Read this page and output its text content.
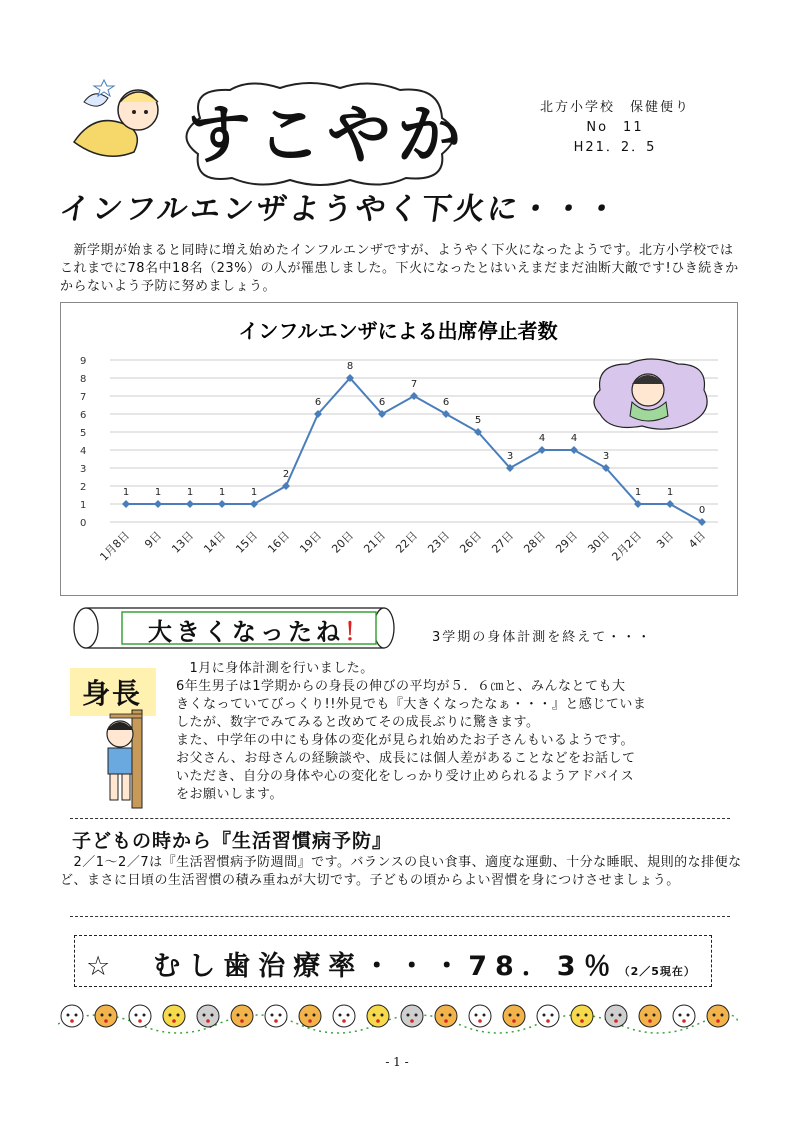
すこやか	北方小学校　保健便り
No　11
H21．2．5
インフルエンザようやく下火に・・・
　新学期が始まると同時に増え始めたインフルエンザですが、ようやく下火になったようです。北方小学校ではこれまでに78名中18名（23%）の人が罹患しました。下火になったとはいえまだまだ油断大敵です!ひき続きかからないよう予防に努めましょう。
インフルエンザによる出席停止者数
0
1
2
3
4
5
6
7
8
9
1	1	1	1	1
2
6
8
6
7
6
5
3
4	4
3
1	1
0
1月8日 9日 13日 14日 15日 16日 19日 20日 21日 22日 23日 26日 27日 28日 29日 30日
2月2日 3日 4日
大きくなったね！	3学期の身体計測を終えて・・・
身長
　1月に身体計測を行いました。
6年生男子は1学期からの身長の伸びの平均が５．６㎝と、みんなとても大
きくなっていてびっくり!!外見でも『大きくなったなぁ・・・』と感じていま
したが、数字でみてみると改めてその成長ぶりに驚きます。
また、中学年の中にも身体の変化が見られ始めたお子さんもいるようです。
お父さん、お母さんの経験談や、成長には個人差があることなどをお話して
いただき、自分の身体や心の変化をしっかり受け止められるようアドバイス
をお願いします。
子どもの時から『生活習慣病予防』
　2／1～2／7は『生活習慣病予防週間』です。バランスの良い食事、適度な運動、十分な睡眠、規則的な排便など、まさに日頃の生活習慣の積み重ねが大切です。子どもの頃からよい習慣を身につけさせましょう。
☆　むし歯治療率・・・78．3％（2／5現在）
- 1 -
